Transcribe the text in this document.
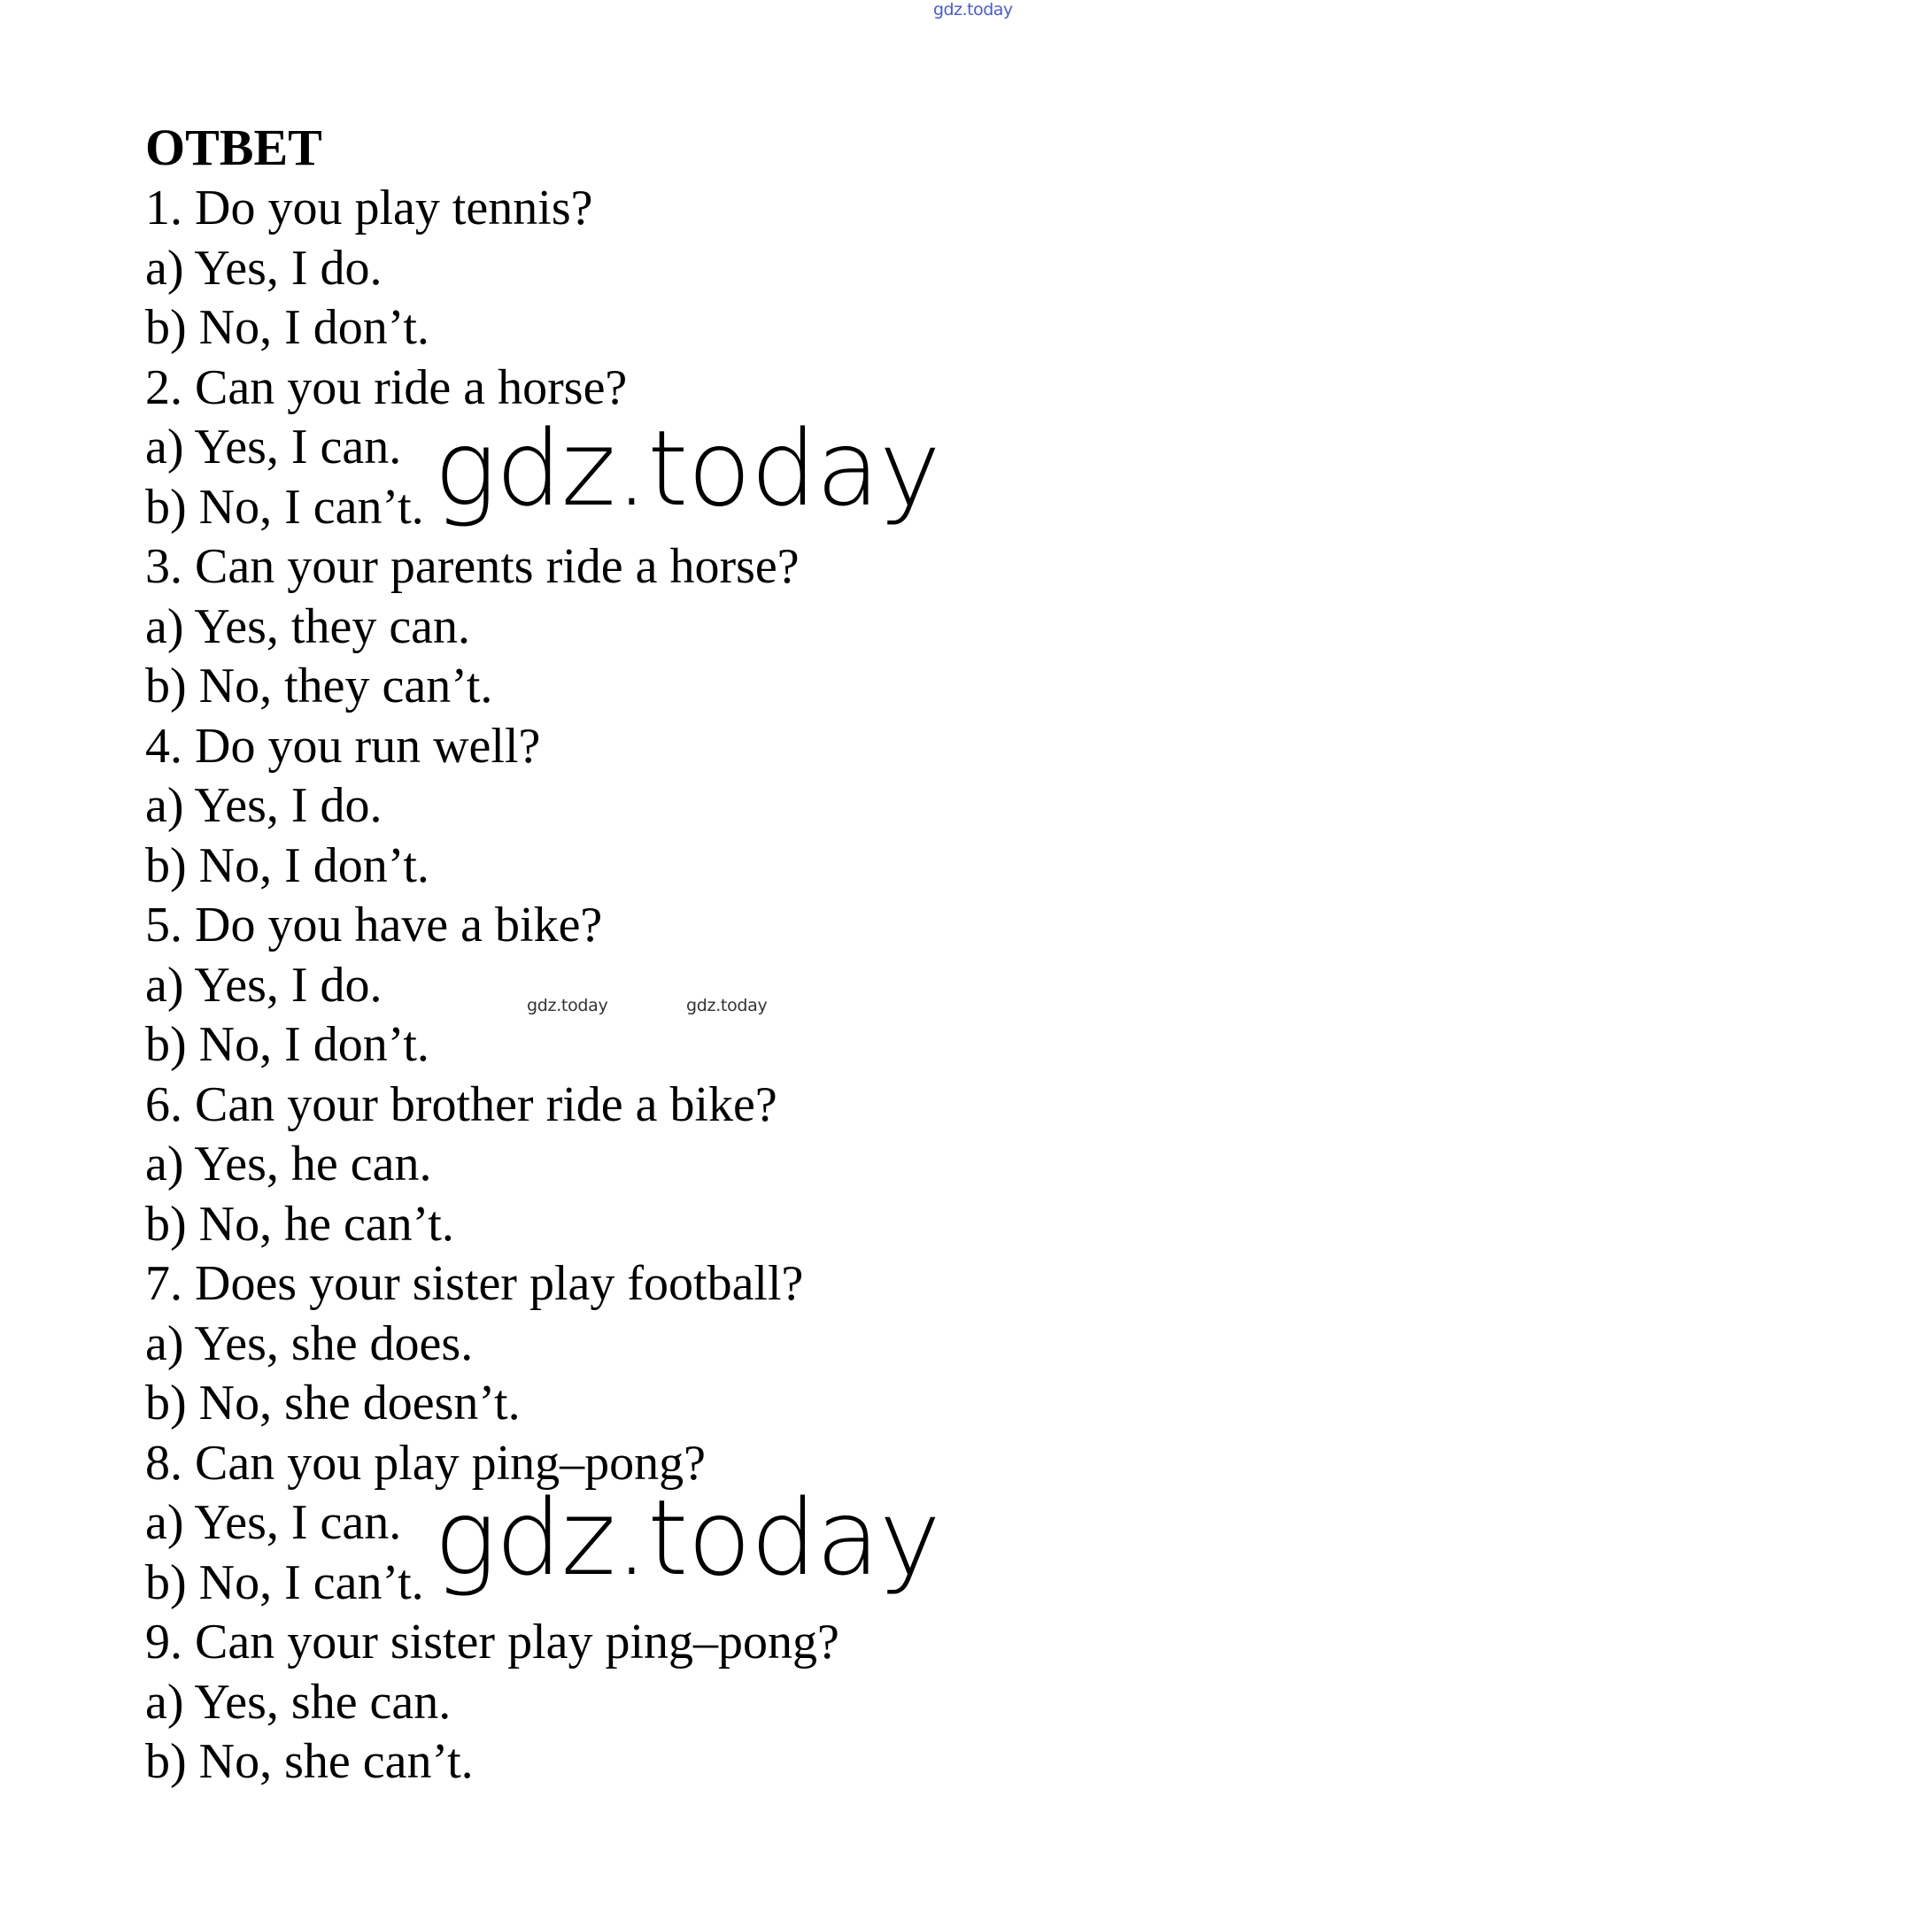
gdz.today
ОТВЕТ
1. Do you play tennis?
a) Yes, I do.
b) No, I don’t.
2. Can you ride a horse?
a) Yes, I can.
b) No, I can’t.
3. Can your parents ride a horse?
a) Yes, they can.
b) No, they can’t.
4. Do you run well?
a) Yes, I do.
b) No, I don’t.
5. Do you have a bike?
a) Yes, I do.
b) No, I don’t.
6. Can your brother ride a bike?
a) Yes, he can.
b) No, he can’t.
7. Does your sister play football?
a) Yes, she does.
b) No, she doesn’t.
8. Can you play ping–pong?
a) Yes, I can.
b) No, I can’t.
9. Can your sister play ping–pong?
a) Yes, she can.
b) No, she can’t.
gdz.today
gdz.today
gdz.today	gdz.today
